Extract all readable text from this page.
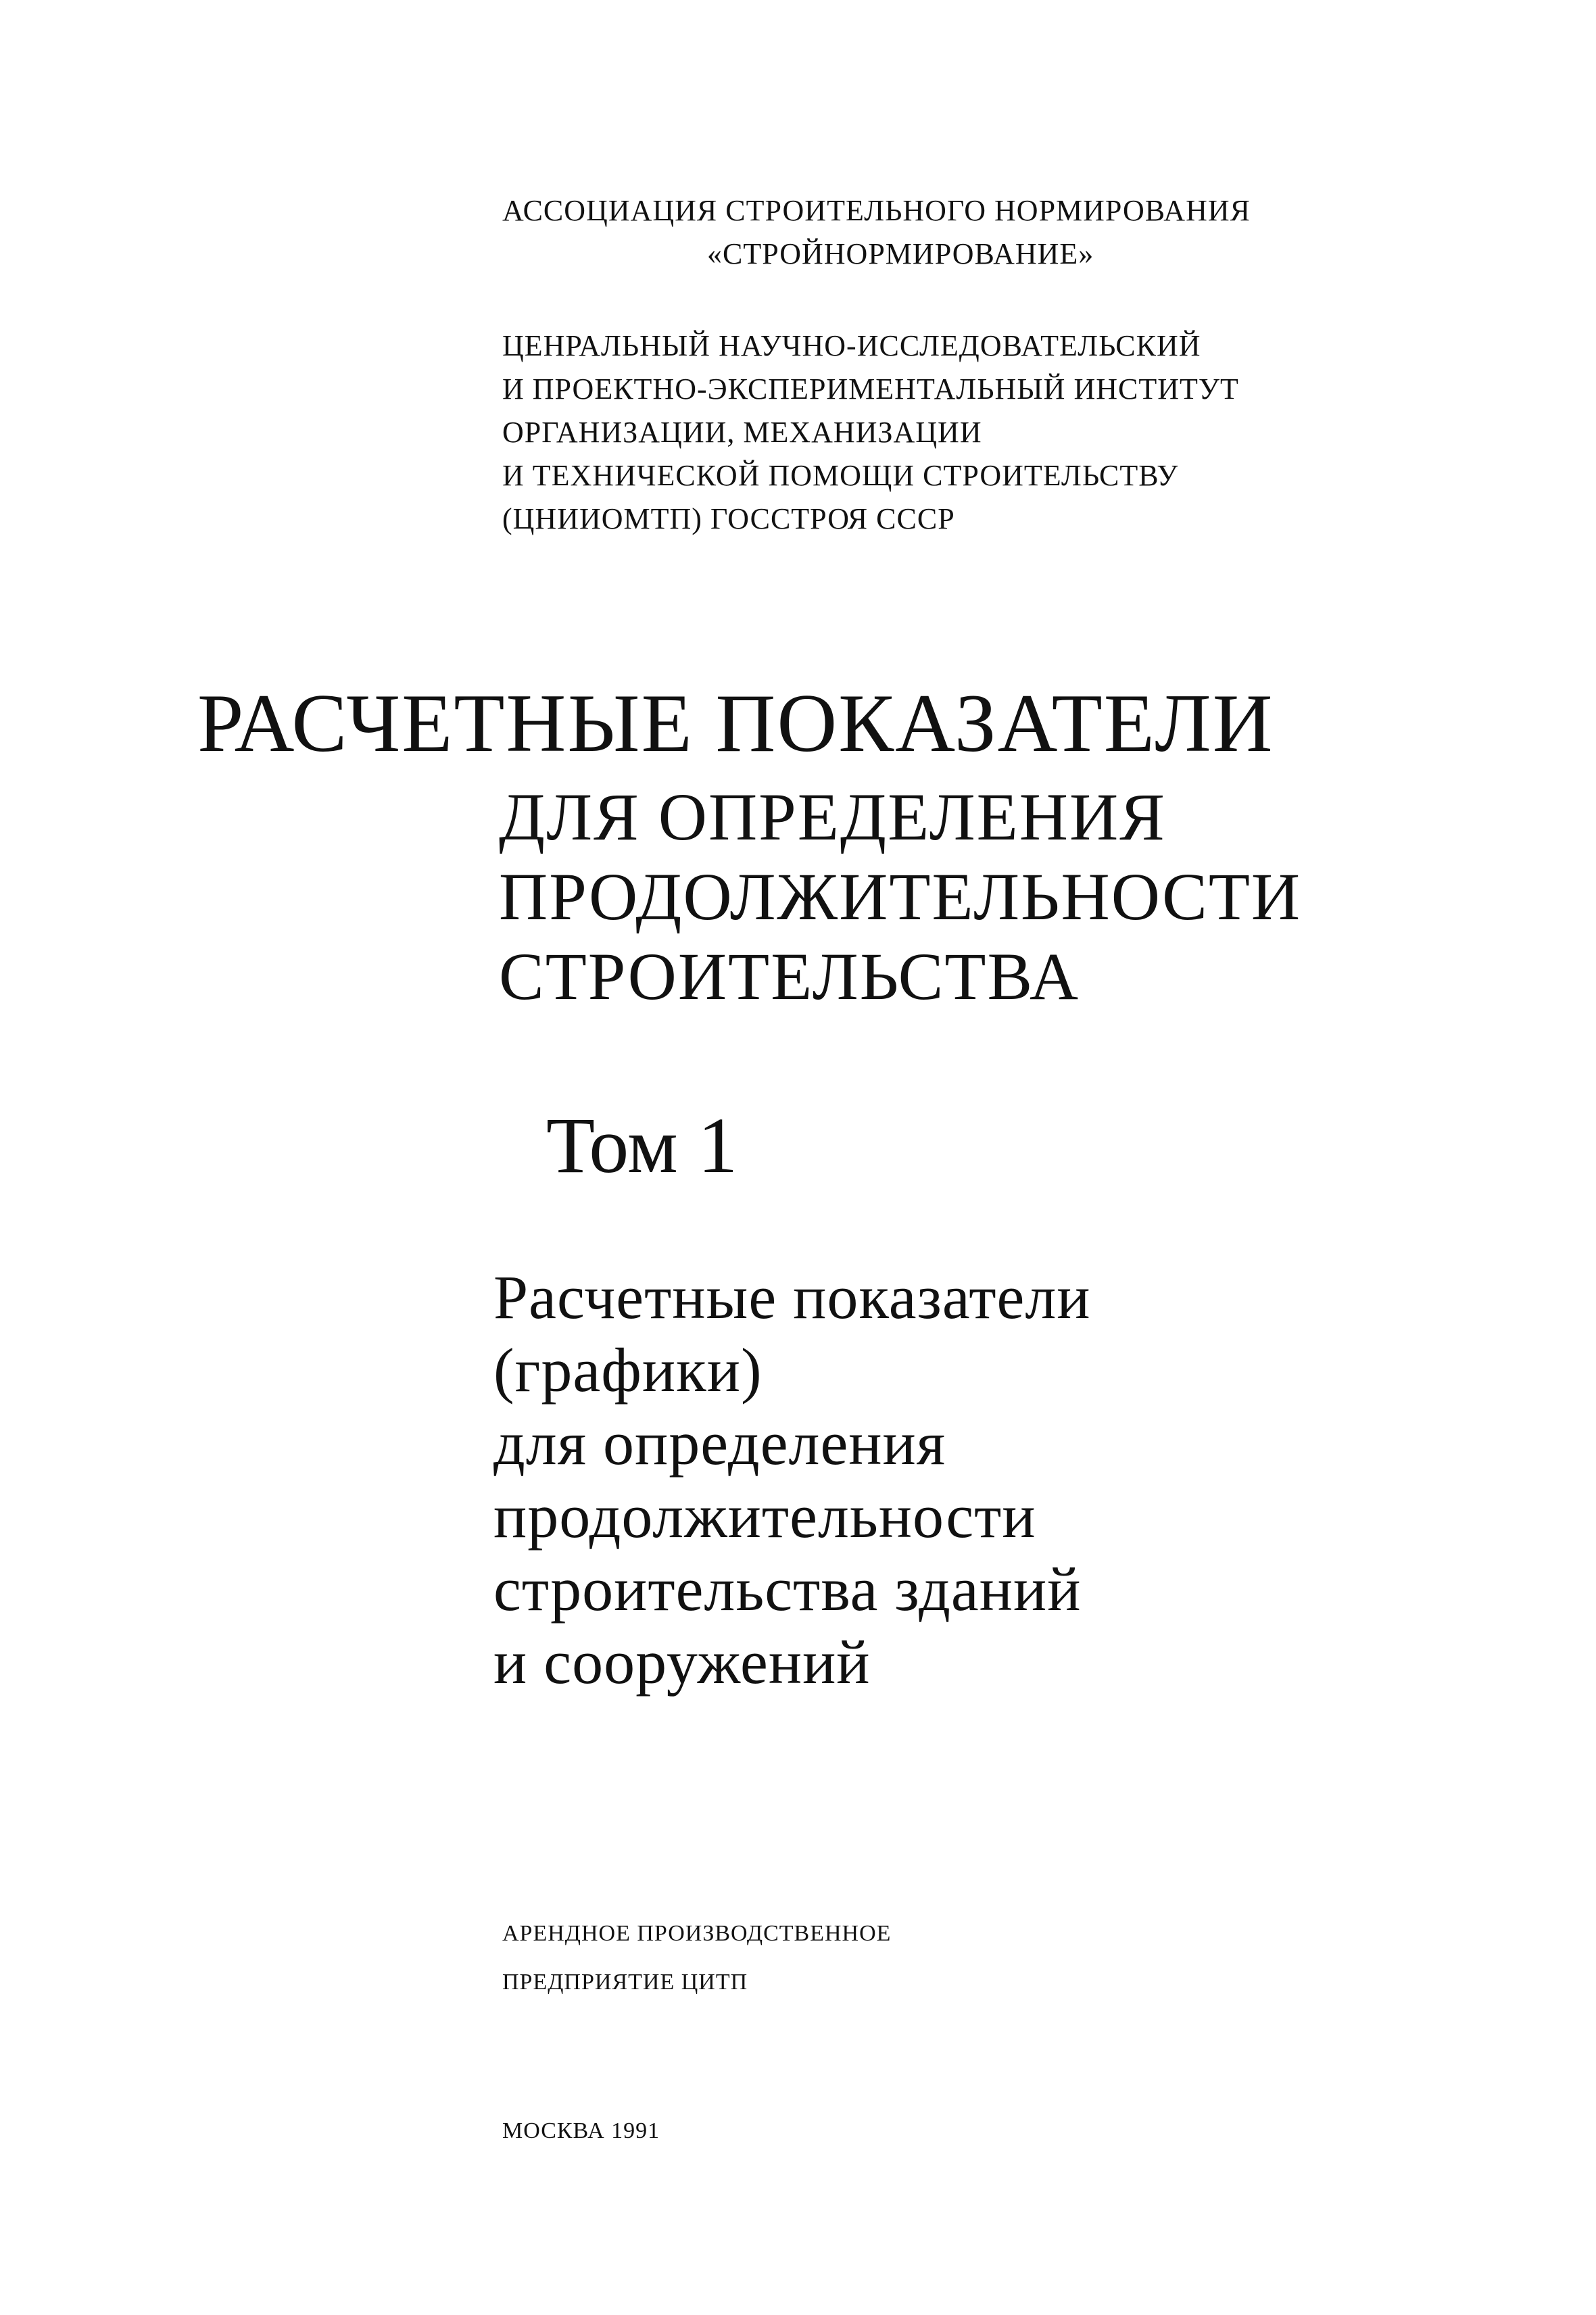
АССОЦИАЦИЯ СТРОИТЕЛЬНОГО НОРМИРОВАНИЯ
«СТРОЙНОРМИРОВАНИЕ»
ЦЕНРАЛЬНЫЙ НАУЧНО-ИССЛЕДОВАТЕЛЬСКИЙ
И ПРОЕКТНО-ЭКСПЕРИМЕНТАЛЬНЫЙ ИНСТИТУТ
ОРГАНИЗАЦИИ, МЕХАНИЗАЦИИ
И ТЕХНИЧЕСКОЙ ПОМОЩИ СТРОИТЕЛЬСТВУ
(ЦНИИОМТП) ГОССТРОЯ СССР
РАСЧЕТНЫЕ ПОКАЗАТЕЛИ
ДЛЯ ОПРЕДЕЛЕНИЯ
ПРОДОЛЖИТЕЛЬНОСТИ
СТРОИТЕЛЬСТВА
Том 1
Расчетные показатели
(графики)
для определения
продолжительности
строительства зданий
и сооружений
АРЕНДНОЕ ПРОИЗВОДСТВЕННОЕ
ПРЕДПРИЯТИЕ ЦИТП
МОСКВА 1991
